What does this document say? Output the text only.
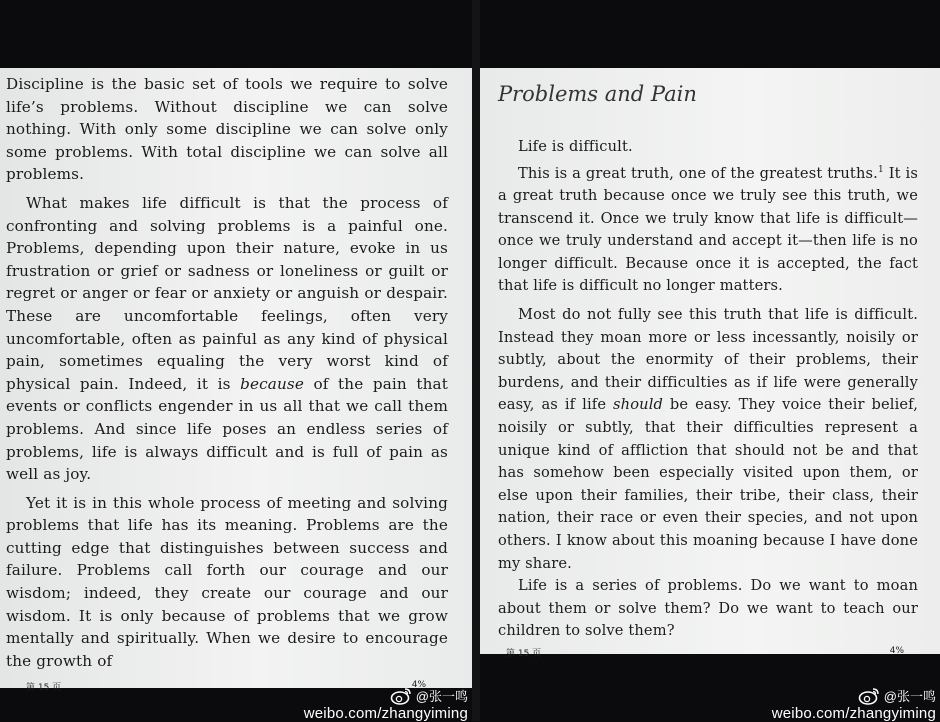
Discipline is the basic set of tools we require to solve life’s problems. Without discipline we can solve nothing. With only some discipline we can solve only some problems. With total discipline we can solve all problems.

What makes life difficult is that the process of confronting and solving problems is a painful one. Problems, depending upon their nature, evoke in us frustration or grief or sadness or loneliness or guilt or regret or anger or fear or anxiety or anguish or despair. These are uncomfortable feelings, often very uncomfortable, often as painful as any kind of physical pain, sometimes equaling the very worst kind of physical pain. Indeed, it is because of the pain that events or conflicts engender in us all that we call them problems. And since life poses an endless series of problems, life is always difficult and is full of pain as well as joy.

Yet it is in this whole process of meeting and solving problems that life has its meaning. Problems are the cutting edge that distinguishes between success and failure. Problems call forth our courage and our wisdom; indeed, they create our courage and our wisdom. It is only because of problems that we grow mentally and spiritually. When we desire to encourage the growth of

第 15 页	4%
Problems and Pain

Life is difficult.

This is a great truth, one of the greatest truths.$^1$ It is a great truth because once we truly see this truth, we transcend it. Once we truly know that life is difficult—once we truly understand and accept it—then life is no longer difficult. Because once it is accepted, the fact that life is difficult no longer matters.

Most do not fully see this truth that life is difficult. Instead they moan more or less incessantly, noisily or subtly, about the enormity of their problems, their burdens, and their difficulties as if life were generally easy, as if life should be easy. They voice their belief, noisily or subtly, that their difficulties represent a unique kind of affliction that should not be and that has somehow been especially visited upon them, or else upon their families, their tribe, their class, their nation, their race or even their species, and not upon others. I know about this moaning because I have done my share.

Life is a series of problems. Do we want to moan about them or solve them? Do we want to teach our children to solve them?

第 15 页	4%
@张一鸣
weibo.com/zhangyiming
@张一鸣
weibo.com/zhangyiming
